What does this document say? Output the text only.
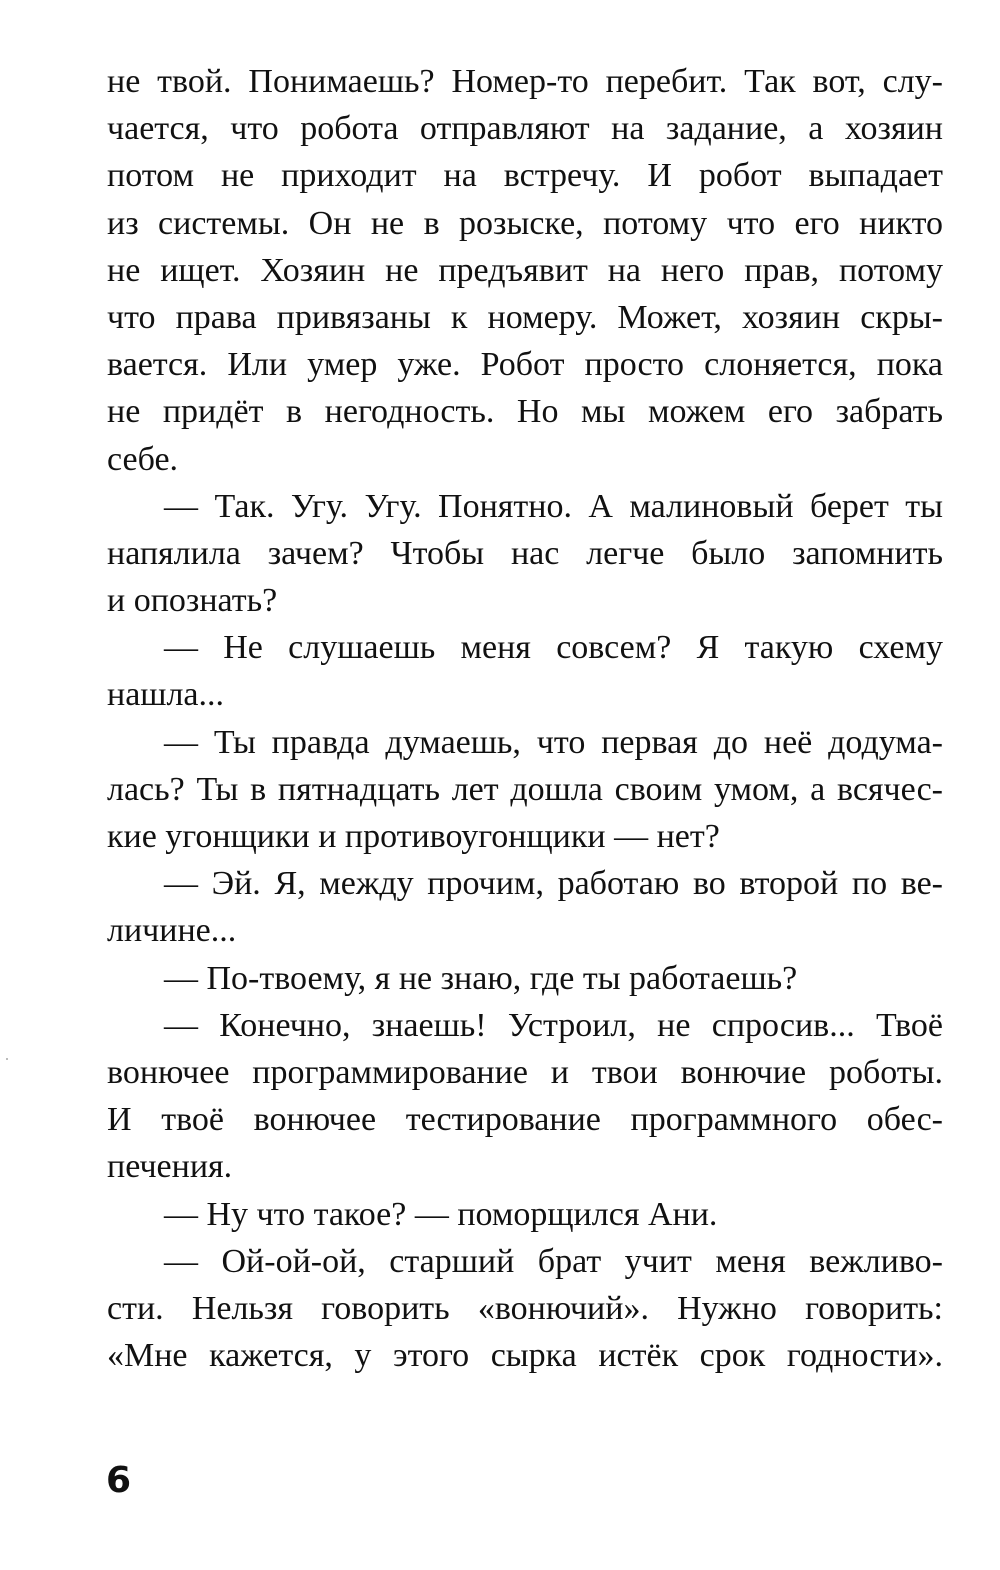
не твой. Понимаешь? Номер-то перебит. Так вот, слу-
чается, что робота отправляют на задание, а хозяин
потом не приходит на встречу. И робот выпадает
из системы. Он не в розыске, потому что его никто
не ищет. Хозяин не предъявит на него прав, потому
что права привязаны к номеру. Может, хозяин скры-
вается. Или умер уже. Робот просто слоняется, пока
не придёт в негодность. Но мы можем его забрать
себе.
— Так. Угу. Угу. Понятно. А малиновый берет ты
напялила зачем? Чтобы нас легче было запомнить
и опознать?
— Не слушаешь меня совсем? Я такую схему
нашла...
— Ты правда думаешь, что первая до неё додума-
лась? Ты в пятнадцать лет дошла своим умом, а всячес-
кие угонщики и противоугонщики — нет?
— Эй. Я, между прочим, работаю во второй по ве-
личине...
— По-твоему, я не знаю, где ты работаешь?
— Конечно, знаешь! Устроил, не спросив... Твоё
вонючее программирование и твои вонючие роботы.
И твоё вонючее тестирование программного обес-
печения.
— Ну что такое? — поморщился Ани.
— Ой-ой-ой, старший брат учит меня вежливо-
сти. Нельзя говорить «вонючий». Нужно говорить:
«Мне кажется, у этого сырка истёк срок годности».
6
